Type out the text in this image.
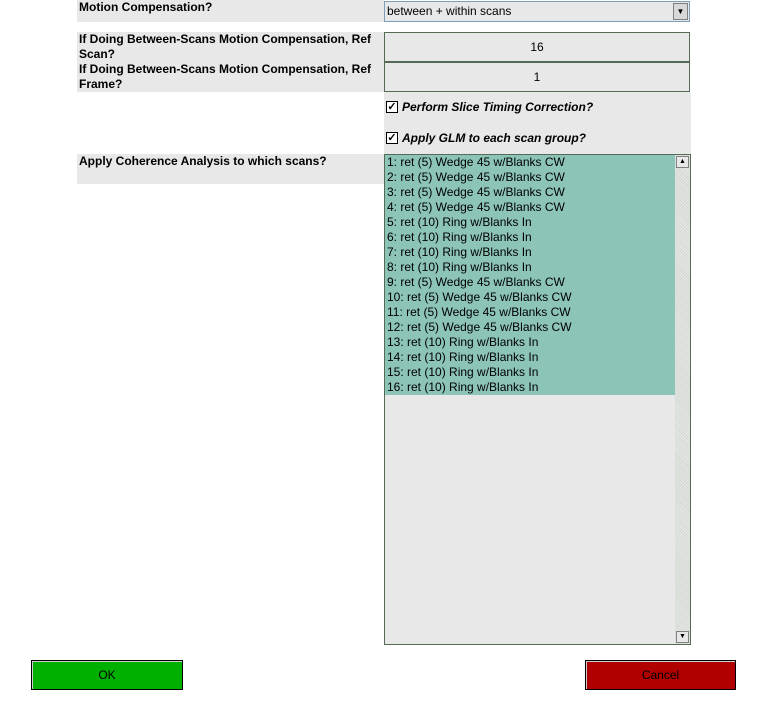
Motion Compensation?	between + within scans	▼
If Doing Between-Scans Motion Compensation, Ref Scan?	16
If Doing Between-Scans Motion Compensation, Ref Frame?	1
✓ Perform Slice Timing Correction?
✓ Apply GLM to each scan group?
Apply Coherence Analysis to which scans?	1: ret (5) Wedge 45 w/Blanks CW
2: ret (5) Wedge 45 w/Blanks CW
3: ret (5) Wedge 45 w/Blanks CW
4: ret (5) Wedge 45 w/Blanks CW
5: ret (10) Ring w/Blanks In
6: ret (10) Ring w/Blanks In
7: ret (10) Ring w/Blanks In
8: ret (10) Ring w/Blanks In
9: ret (5) Wedge 45 w/Blanks CW
10: ret (5) Wedge 45 w/Blanks CW
11: ret (5) Wedge 45 w/Blanks CW
12: ret (5) Wedge 45 w/Blanks CW
13: ret (10) Ring w/Blanks In
14: ret (10) Ring w/Blanks In
15: ret (10) Ring w/Blanks In
16: ret (10) Ring w/Blanks In
▲
▼
OK	Cancel
